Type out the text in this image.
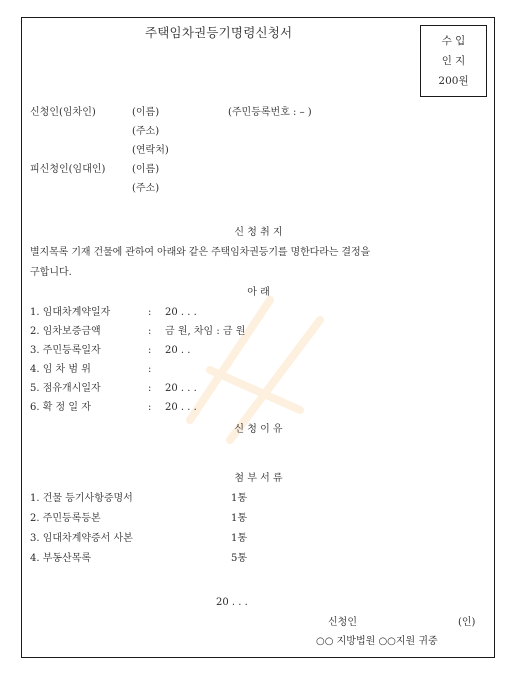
주택임차권등기명령신청서
수 입
인 지
200원
신청인(임차인)	(이름)	(주민등록번호 : – )
(주소)
(연락처)
피신청인(임대인)	(이름)
(주소)
신 청 취 지
별지목록 기재 건물에 관하여 아래와 같은 주택임차권등기를 명한다라는 결정을
구합니다.
아 래
1. 임대차계약일자	: 20 . . .
2. 임차보증금액	: 금 원, 차임 : 금 원
3. 주민등록일자	: 20 . .
4. 임 차 범 위	:
5. 점유개시일자	: 20 . . .
6. 확 정 일 자	: 20 . . .
신 청 이 유
첨 부 서 류
1. 건물 등기사항증명서	1통
2. 주민등록등본	1통
3. 임대차계약증서 사본	1통
4. 부동산목록	5통
20 . . .
신청인	(인)
○○ 지방법원 ○○지원 귀중
